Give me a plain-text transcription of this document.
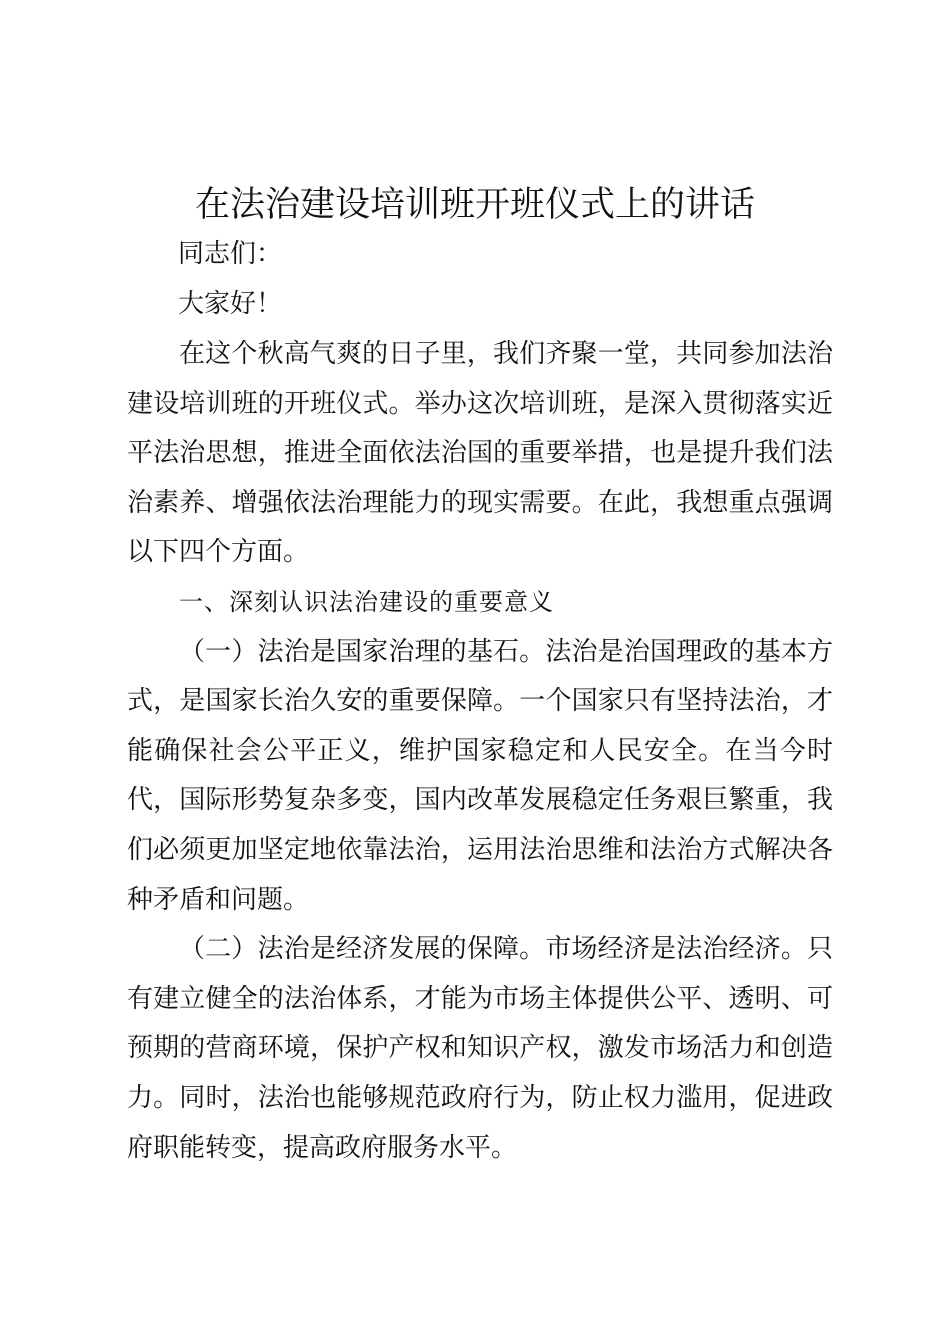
在法治建设培训班开班仪式上的讲话
同志们：
大家好！

在这个秋高气爽的日子里，我们齐聚一堂，共同参加法治建设培训班的开班仪式。举办这次培训班，是深入贯彻落实近平法治思想，推进全面依法治国的重要举措，也是提升我们法治素养、增强依法治理能力的现实需要。在此，我想重点强调以下四个方面。

一、深刻认识法治建设的重要意义

（一）法治是国家治理的基石。法治是治国理政的基本方式，是国家长治久安的重要保障。一个国家只有坚持法治，才能确保社会公平正义，维护国家稳定和人民安全。在当今时代，国际形势复杂多变，国内改革发展稳定任务艰巨繁重，我们必须更加坚定地依靠法治，运用法治思维和法治方式解决各种矛盾和问题。

（二）法治是经济发展的保障。市场经济是法治经济。只有建立健全的法治体系，才能为市场主体提供公平、透明、可预期的营商环境，保护产权和知识产权，激发市场活力和创造力。同时，法治也能够规范政府行为，防止权力滥用，促进政府职能转变，提高政府服务水平。
